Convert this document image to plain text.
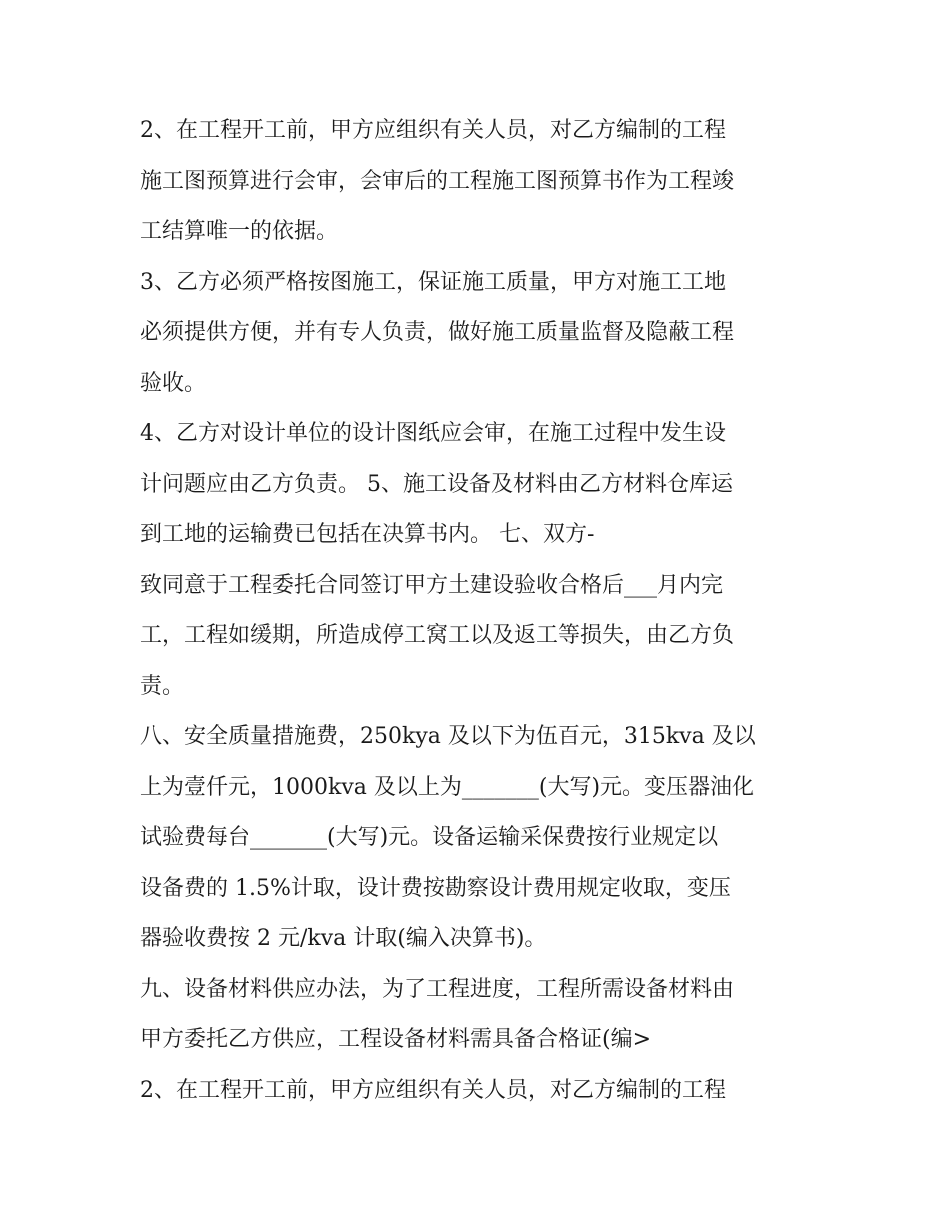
2、在工程开工前，甲方应组织有关人员，对乙方编制的工程
施工图预算进行会审，会审后的工程施工图预算书作为工程竣
工结算唯一的依据。
3、乙方必须严格按图施工，保证施工质量，甲方对施工工地
必须提供方便，并有专人负责，做好施工质量监督及隐蔽工程
验收。
4、乙方对设计单位的设计图纸应会审，在施工过程中发生设
计问题应由乙方负责。 5、施工设备及材料由乙方材料仓库运
到工地的运输费已包括在决算书内。 七、双方-
致同意于工程委托合同签订甲方土建设验收合格后___月内完
工，工程如缓期，所造成停工窝工以及返工等损失，由乙方负
责。
八、安全质量措施费，250kya 及以下为伍百元，315kva 及以
上为壹仟元，1000kva 及以上为_______(大写)元。变压器油化
试验费每台_______(大写)元。设备运输采保费按行业规定以
设备费的 1.5%计取，设计费按勘察设计费用规定收取，变压
器验收费按 2 元/kva 计取(编入决算书)。
九、设备材料供应办法，为了工程进度，工程所需设备材料由
甲方委托乙方供应，工程设备材料需具备合格证(编>
2、在工程开工前，甲方应组织有关人员，对乙方编制的工程
